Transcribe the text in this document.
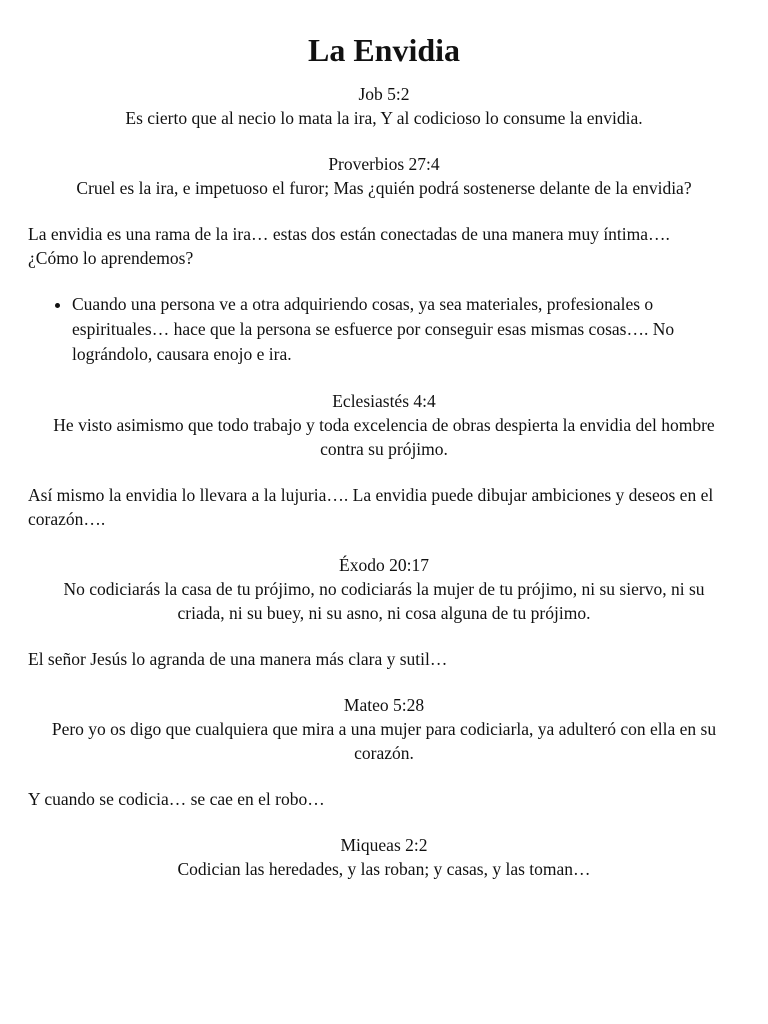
La Envidia
Job 5:2
Es cierto que al necio lo mata la ira, Y al codicioso lo consume la envidia.
Proverbios 27:4
Cruel es la ira, e impetuoso el furor; Mas ¿quién podrá sostenerse delante de la envidia?

La envidia es una rama de la ira… estas dos están conectadas de una manera muy íntima…. ¿Cómo lo aprendemos?

• Cuando una persona ve a otra adquiriendo cosas, ya sea materiales, profesionales o espirituales… hace que la persona se esfuerce por conseguir esas mismas cosas…. No lográndolo, causara enojo e ira.
Eclesiastés 4:4
He visto asimismo que todo trabajo y toda excelencia de obras despierta la envidia del hombre contra su prójimo.

Así mismo la envidia lo llevara a la lujuria…. La envidia puede dibujar ambiciones y deseos en el corazón….

Éxodo 20:17
No codiciarás la casa de tu prójimo, no codiciarás la mujer de tu prójimo, ni su siervo, ni su criada, ni su buey, ni su asno, ni cosa alguna de tu prójimo.

El señor Jesús lo agranda de una manera más clara y sutil…

Mateo 5:28
Pero yo os digo que cualquiera que mira a una mujer para codiciarla, ya adulteró con ella en su corazón.

Y cuando se codicia… se cae en el robo…

Miqueas 2:2
Codician las heredades, y las roban; y casas, y las toman…
